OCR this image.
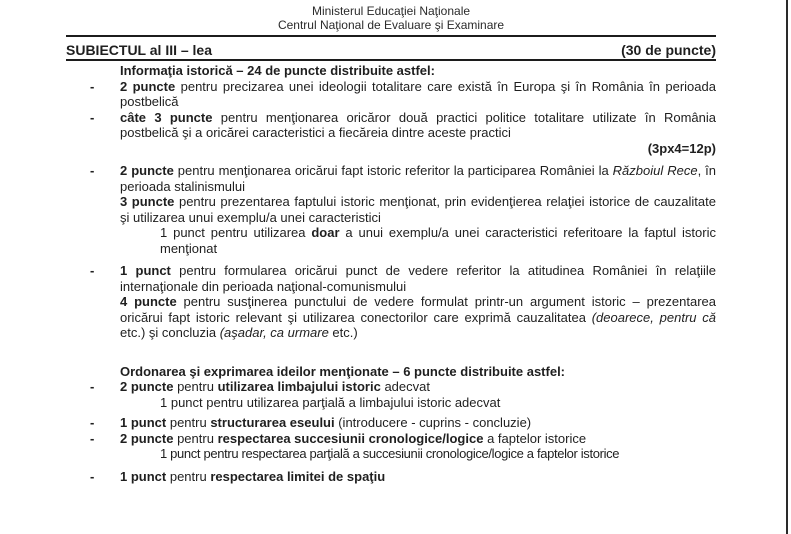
Ministerul Educaţiei Naţionale
Centrul Naţional de Evaluare şi Examinare
SUBIECTUL al III – lea	(30 de puncte)
Informaţia istorică – 24 de puncte distribuite astfel:
- 2 puncte pentru precizarea unei ideologii totalitare care există în Europa şi în România în perioada postbelică
- câte 3 puncte pentru menţionarea oricăror două practici politice totalitare utilizate în România postbelică şi a oricărei caracteristici a fiecăreia dintre aceste practici
(3px4=12p)
- 2 puncte pentru menţionarea oricărui fapt istoric referitor la participarea României la Războiul Rece, în perioada stalinismului
3 puncte pentru prezentarea faptului istoric menţionat, prin evidenţierea relaţiei istorice de cauzalitate şi utilizarea unui exemplu/a unei caracteristici
1 punct pentru utilizarea doar a unui exemplu/a unei caracteristici referitoare la faptul istoric menţionat
- 1 punct pentru formularea oricărui punct de vedere referitor la atitudinea României în relaţiile internaţionale din perioada naţional-comunismului
4 puncte pentru susţinerea punctului de vedere formulat printr-un argument istoric – prezentarea oricărui fapt istoric relevant şi utilizarea conectorilor care exprimă cauzalitatea (deoarece, pentru că etc.) şi concluzia (aşadar, ca urmare etc.)
Ordonarea şi exprimarea ideilor menţionate – 6 puncte distribuite astfel:
- 2 puncte pentru utilizarea limbajului istoric adecvat
1 punct pentru utilizarea parţială a limbajului istoric adecvat
- 1 punct pentru structurarea eseului (introducere - cuprins - concluzie)
- 2 puncte pentru respectarea succesiunii cronologice/logice a faptelor istorice
1 punct pentru respectarea parţială a succesiunii cronologice/logice a faptelor istorice
- 1 punct pentru respectarea limitei de spaţiu
